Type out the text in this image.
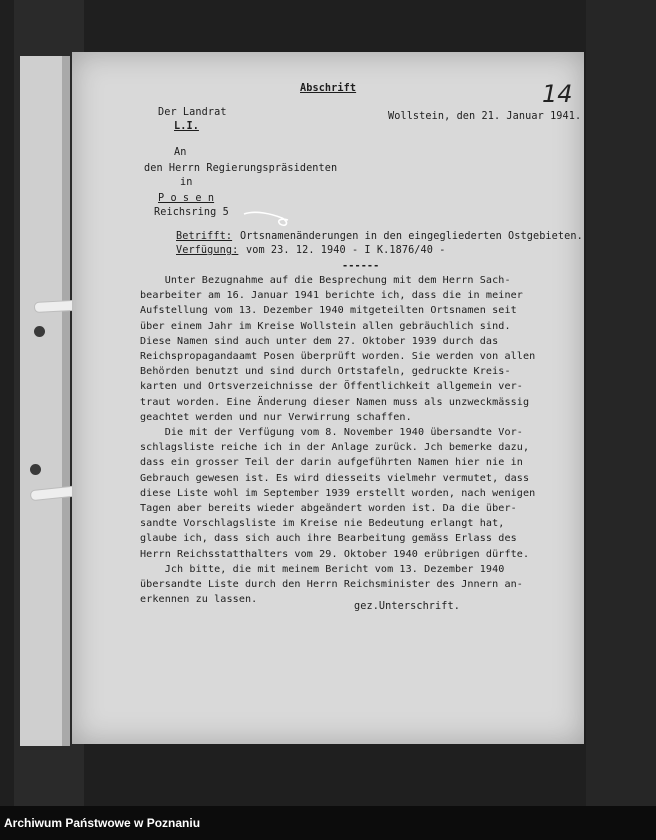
Abschrift	14
Der Landrat
L.I.
Wollstein, den 21. Januar 1941.
An
den Herrn Regierungspräsidenten
in
P o s e n
Reichsring 5
Betrifft: Ortsnamenänderungen in den eingegliederten Ostgebieten.
Verfügung: vom 23. 12. 1940 - I K.1876/40 -
------
Unter Bezugnahme auf die Besprechung mit dem Herrn Sach-
bearbeiter am 16. Januar 1941 berichte ich, dass die in meiner
Aufstellung vom 13. Dezember 1940 mitgeteilten Ortsnamen seit
über einem Jahr im Kreise Wollstein allen gebräuchlich sind.
Diese Namen sind auch unter dem 27. Oktober 1939 durch das
Reichspropagandaamt Posen überprüft worden. Sie werden von allen
Behörden benutzt und sind durch Ortstafeln, gedruckte Kreis-
karten und Ortsverzeichnisse der Öffentlichkeit allgemein ver-
traut worden. Eine Änderung dieser Namen muss als unzweckmässig
geachtet werden und nur Verwirrung schaffen.
Die mit der Verfügung vom 8. November 1940 übersandte Vor-
schlagsliste reiche ich in der Anlage zurück. Jch bemerke dazu,
dass ein grosser Teil der darin aufgeführten Namen hier nie in
Gebrauch gewesen ist. Es wird diesseits vielmehr vermutet, dass
diese Liste wohl im September 1939 erstellt worden, nach wenigen
Tagen aber bereits wieder abgeändert worden ist. Da die über-
sandte Vorschlagsliste im Kreise nie Bedeutung erlangt hat,
glaube ich, dass sich auch ihre Bearbeitung gemäss Erlass des
Herrn Reichsstatthalters vom 29. Oktober 1940 erübrigen dürfte.
Jch bitte, die mit meinem Bericht vom 13. Dezember 1940
übersandte Liste durch den Herrn Reichsminister des Jnnern an-
erkennen zu lassen.
gez.Unterschrift.
Archiwum Państwowe w Poznaniu
